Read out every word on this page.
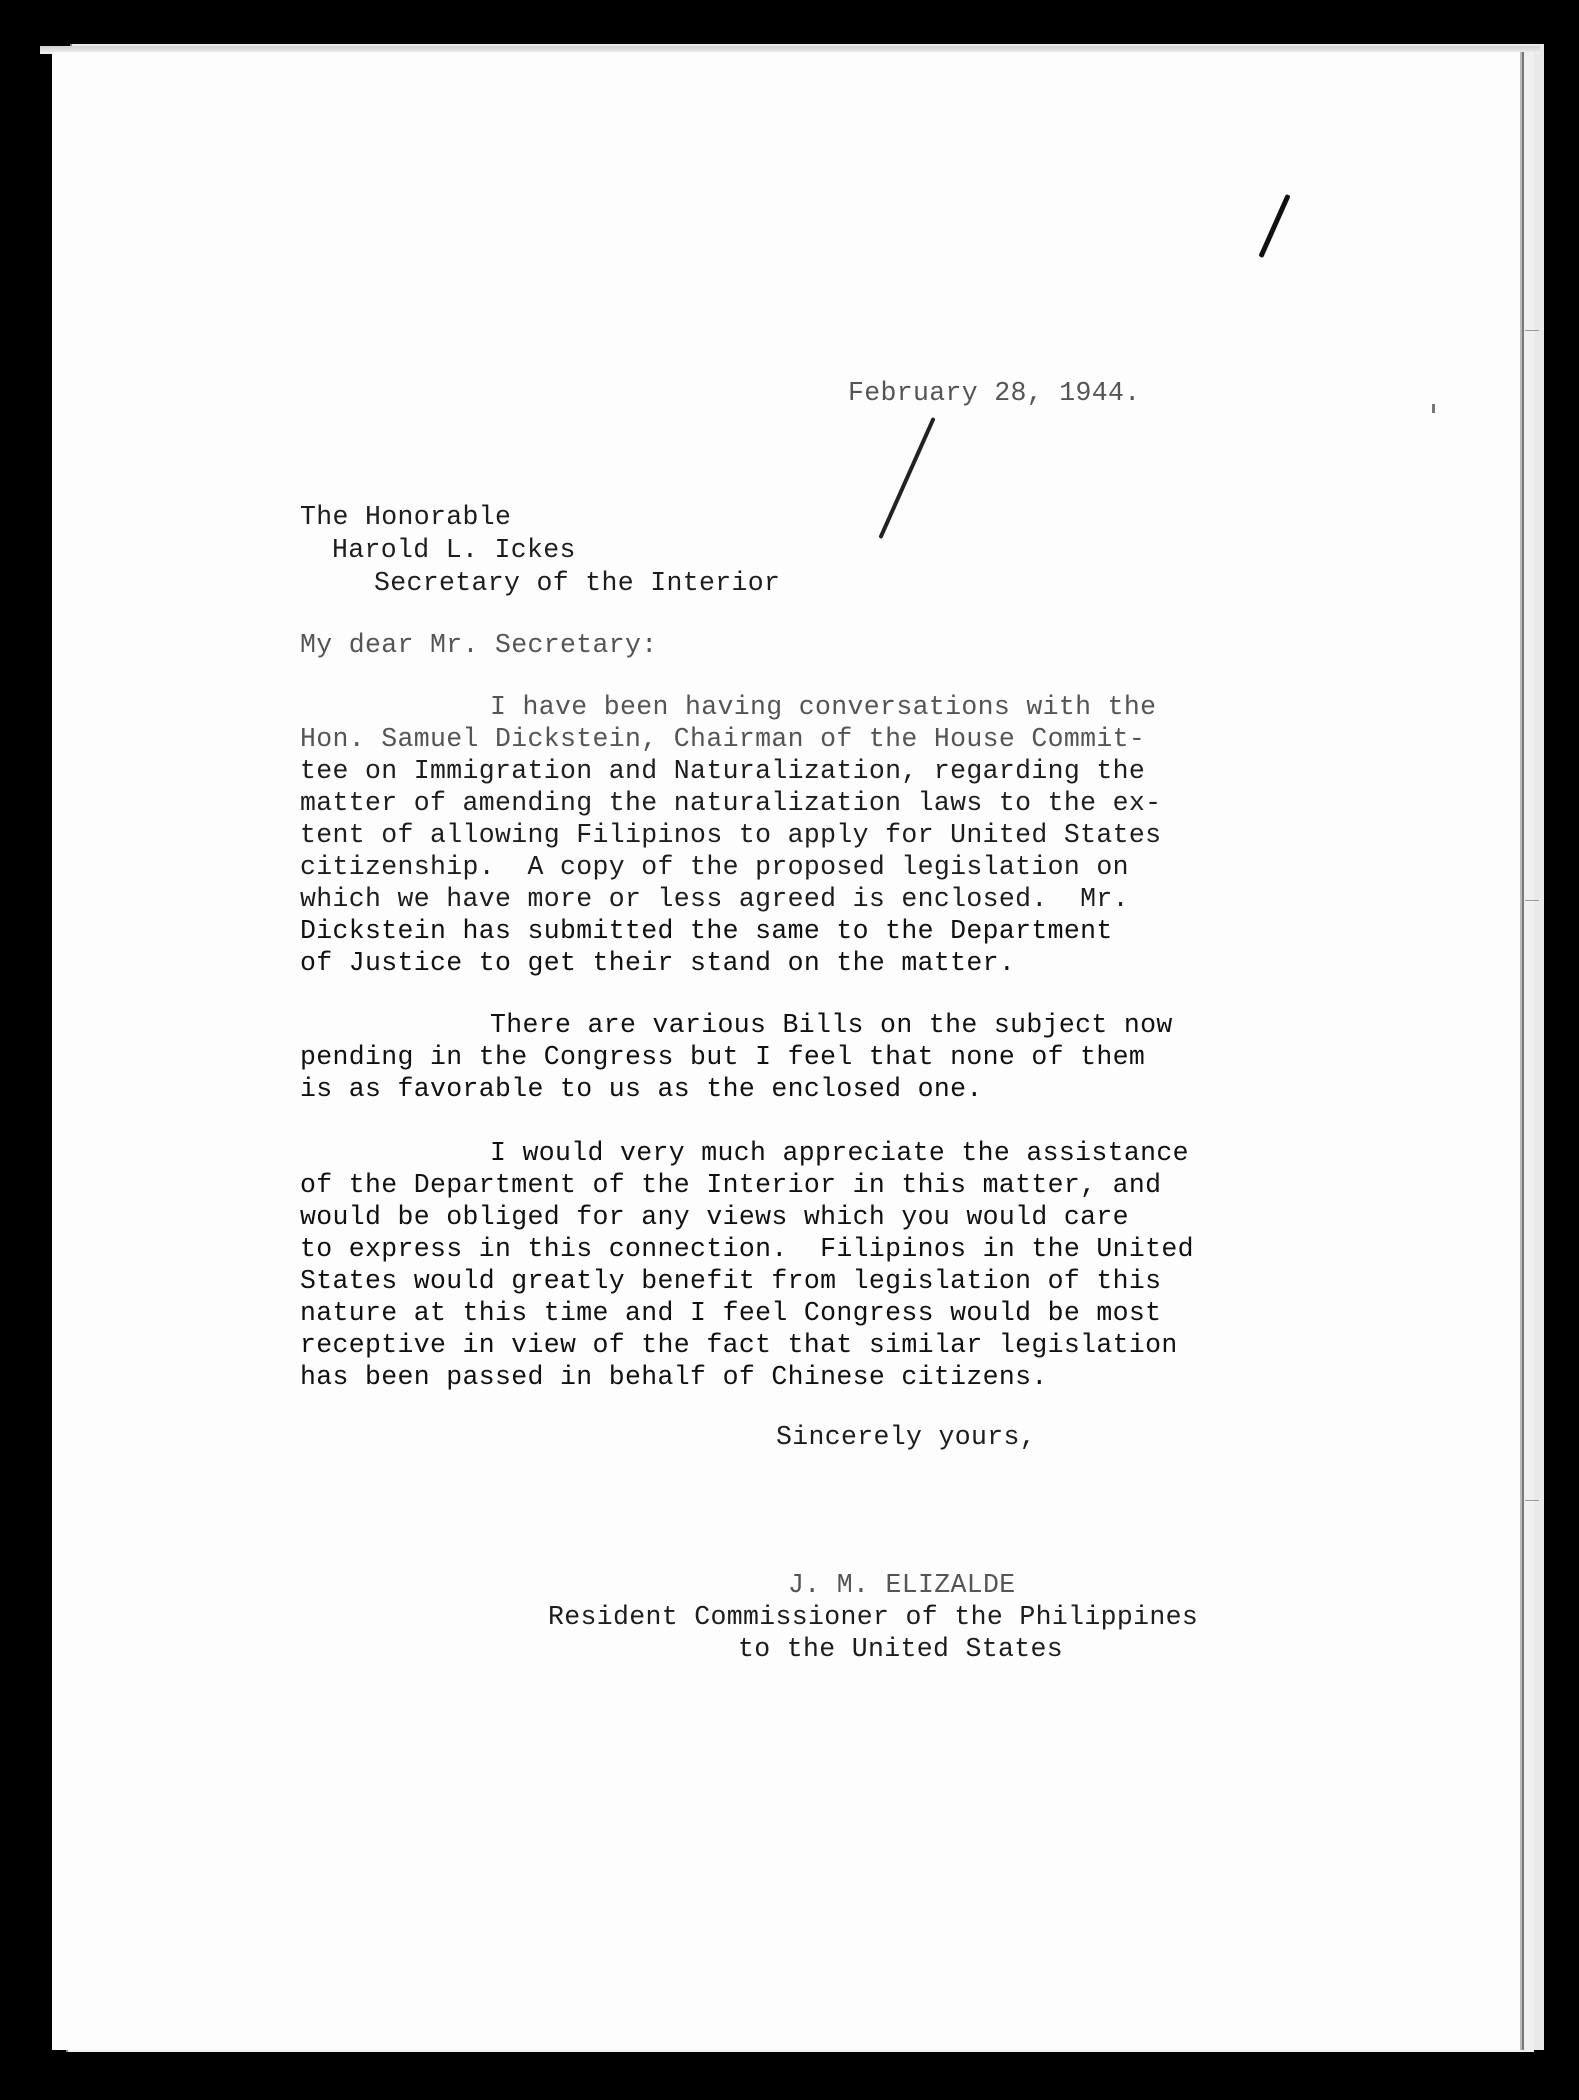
February 28, 1944.
The Honorable
Harold L. Ickes
Secretary of the Interior
My dear Mr. Secretary:
I have been having conversations with the
Hon. Samuel Dickstein, Chairman of the House Commit-
tee on Immigration and Naturalization, regarding the
matter of amending the naturalization laws to the ex-
tent of allowing Filipinos to apply for United States
citizenship.  A copy of the proposed legislation on
which we have more or less agreed is enclosed.  Mr.
Dickstein has submitted the same to the Department
of Justice to get their stand on the matter.
There are various Bills on the subject now
pending in the Congress but I feel that none of them
is as favorable to us as the enclosed one.
I would very much appreciate the assistance
of the Department of the Interior in this matter, and
would be obliged for any views which you would care
to express in this connection.  Filipinos in the United
States would greatly benefit from legislation of this
nature at this time and I feel Congress would be most
receptive in view of the fact that similar legislation
has been passed in behalf of Chinese citizens.
Sincerely yours,
J. M. ELIZALDE
Resident Commissioner of the Philippines
to the United States
